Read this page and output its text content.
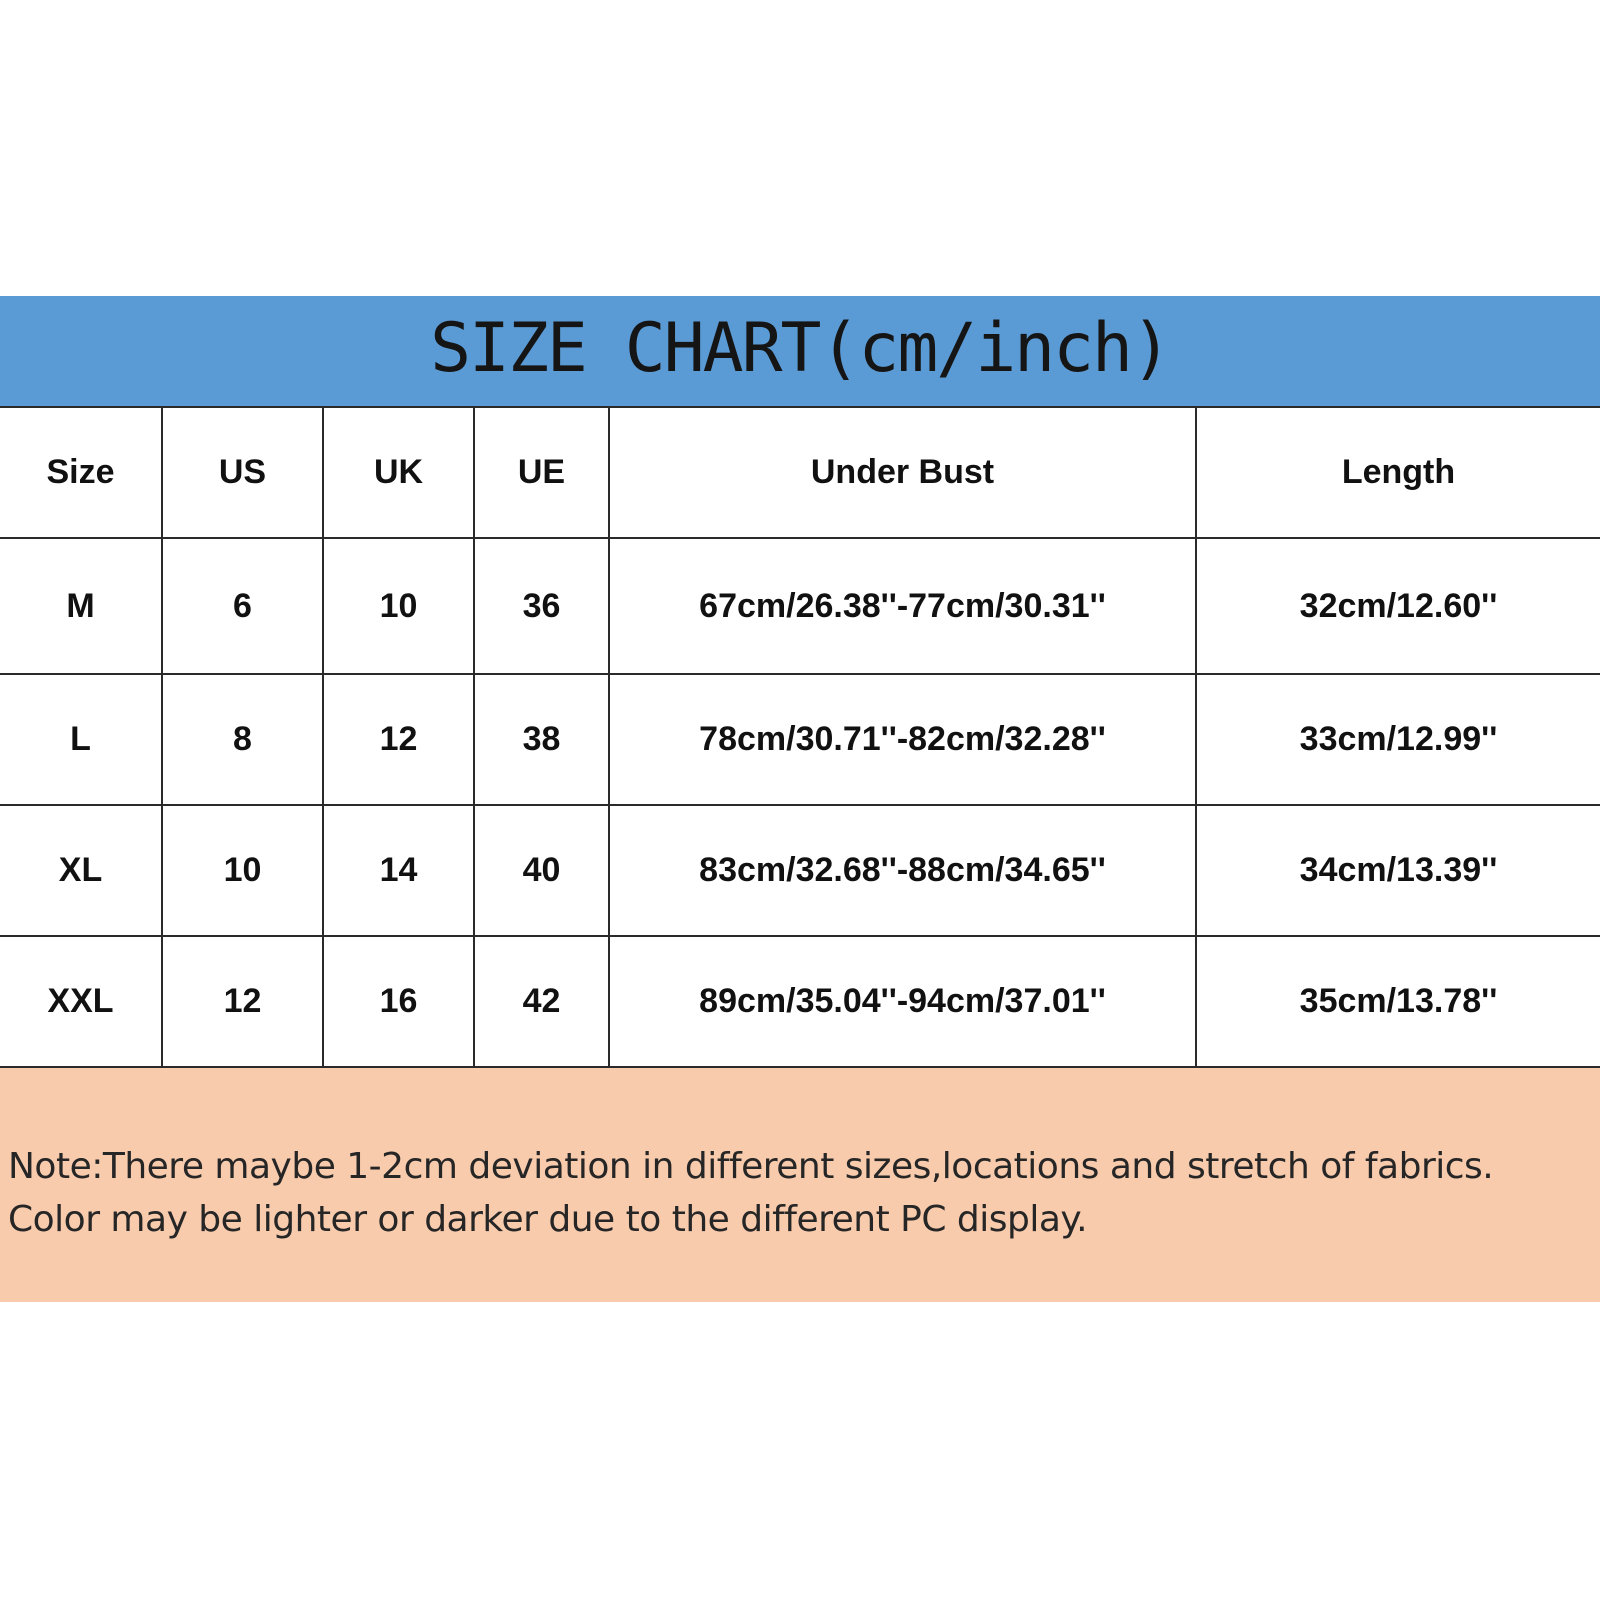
SIZE CHART(cm/inch)
Size	US	UK	UE	Under Bust	Length
M	6	10	36	67cm/26.38''-77cm/30.31''	32cm/12.60''
L	8	12	38	78cm/30.71''-82cm/32.28''	33cm/12.99''
XL	10	14	40	83cm/32.68''-88cm/34.65''	34cm/13.39''
XXL	12	16	42	89cm/35.04''-94cm/37.01''	35cm/13.78''
Note:There maybe 1-2cm deviation in different sizes,locations and stretch of fabrics.
Color may be lighter or darker due to the different PC display.
